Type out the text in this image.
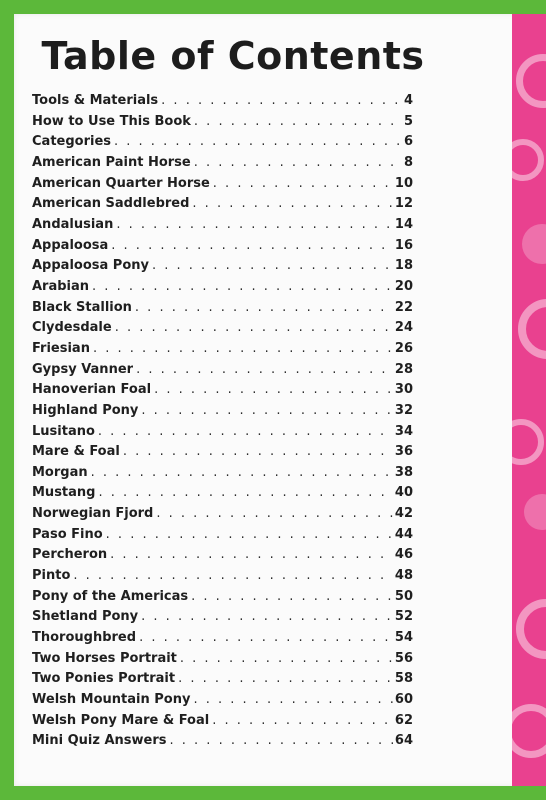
Table of Contents
Tools & Materials . . .	4
How to Use This Book . . .	5
Categories . . .	6
American Paint Horse . . .	8
American Quarter Horse . . .	10
American Saddlebred . . .	12
Andalusian . . .	14
Appaloosa . . .	16
Appaloosa Pony . . .	18
Arabian . . .	20
Black Stallion . . .	22
Clydesdale . . .	24
Friesian . . .	26
Gypsy Vanner . . .	28
Hanoverian Foal . . .	30
Highland Pony . . .	32
Lusitano . . .	34
Mare & Foal . . .	36
Morgan . . .	38
Mustang . . .	40
Norwegian Fjord . . .	42
Paso Fino . . .	44
Percheron . . .	46
Pinto . . .	48
Pony of the Americas . . .	50
Shetland Pony . . .	52
Thoroughbred . . .	54
Two Horses Portrait . . .	56
Two Ponies Portrait . . .	58
Welsh Mountain Pony . . .	60
Welsh Pony Mare & Foal . . .	62
Mini Quiz Answers . . .	64
